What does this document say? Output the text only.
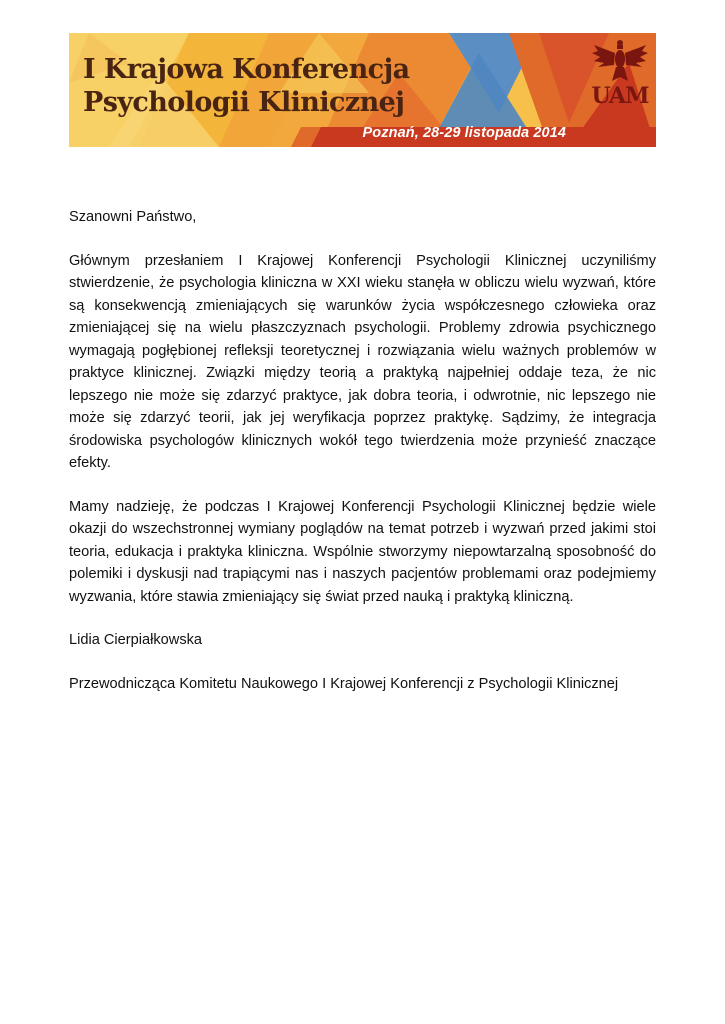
I Krajowa Konferencja
Psychologii Klinicznej
Poznań, 28-29 listopada 2014
UAM

Szanowni Państwo,

Głównym przesłaniem I Krajowej Konferencji Psychologii Klinicznej uczyniliśmy stwierdzenie, że psychologia kliniczna w XXI wieku stanęła w obliczu wielu wyzwań, które są konsekwencją zmieniających się warunków życia współczesnego człowieka oraz zmieniającej się na wielu płaszczyznach psychologii. Problemy zdrowia psychicznego wymagają pogłębionej refleksji teoretycznej i rozwiązania wielu ważnych problemów w praktyce klinicznej. Związki między teorią a praktyką najpełniej oddaje teza, że nic lepszego nie może się zdarzyć praktyce, jak dobra teoria, i odwrotnie, nic lepszego nie może się zdarzyć teorii, jak jej weryfikacja poprzez praktykę. Sądzimy, że integracja środowiska psychologów klinicznych wokół tego twierdzenia może przynieść znaczące efekty.

Mamy nadzieję, że podczas I Krajowej Konferencji Psychologii Klinicznej będzie wiele okazji do wszechstronnej wymiany poglądów na temat potrzeb i wyzwań przed jakimi stoi teoria, edukacja i praktyka kliniczna. Wspólnie stworzymy niepowtarzalną sposobność do polemiki i dyskusji nad trapiącymi nas i naszych pacjentów problemami oraz podejmiemy wyzwania, które stawia zmieniający się świat przed nauką i praktyką kliniczną.

Lidia Cierpiałkowska

Przewodnicząca Komitetu Naukowego I Krajowej Konferencji z Psychologii Klinicznej
